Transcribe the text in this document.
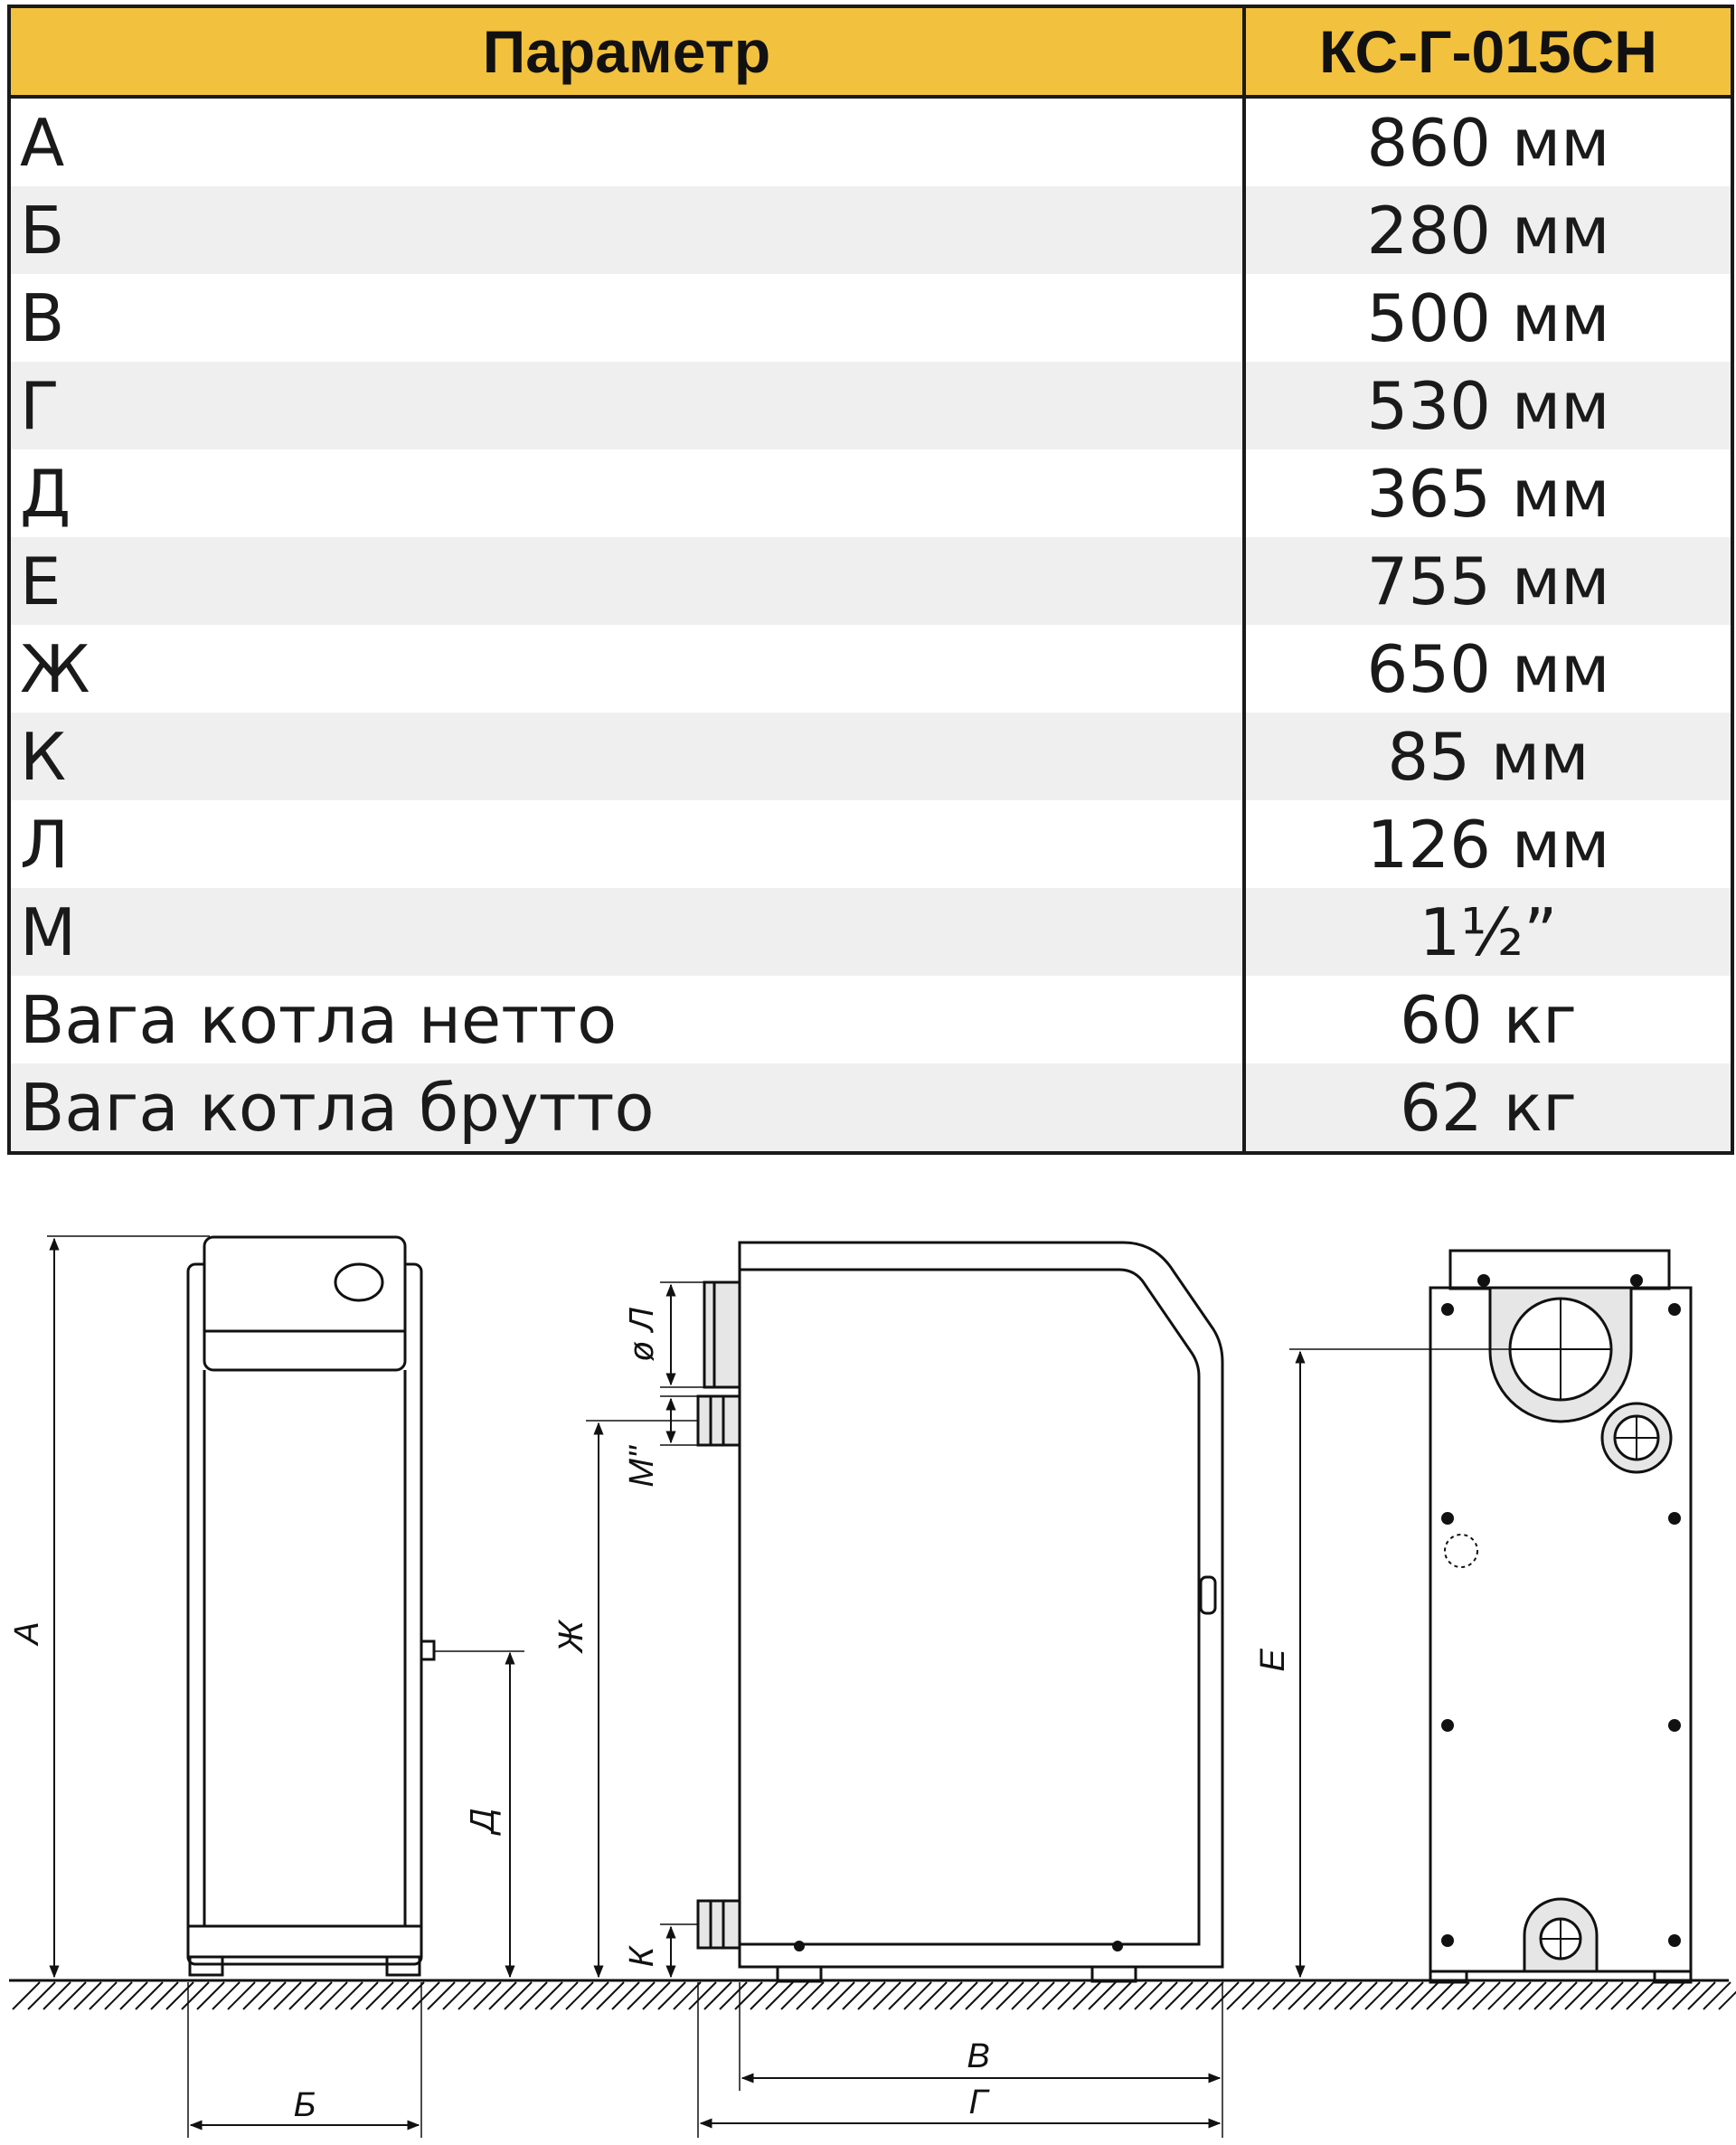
Параметр	КС-Г-015СН
А	860 мм
Б	280 мм
В	500 мм
Г	530 мм
Д	365 мм
Е	755 мм
Ж	650 мм
К	85 мм
Л	126 мм
М	1½”
Вага котла нетто	60 кг
Вага котла брутто	62 кг
А
Д
Б
ø Л
М"
Ж
К
В
Г
Е
